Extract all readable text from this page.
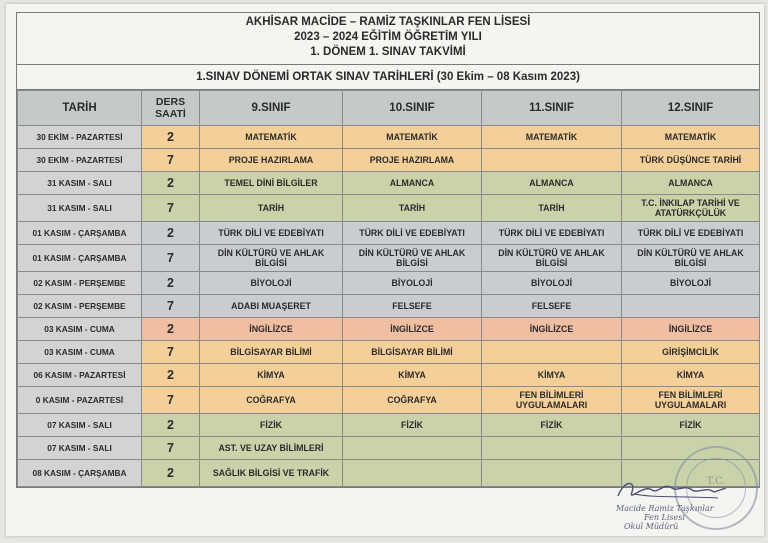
AKHİSAR MACİDE – RAMİZ TAŞKINLAR FEN LİSESİ
2023 – 2024 EĞİTİM ÖĞRETİM YILI
1. DÖNEM 1. SINAV TAKVİMİ
1.SINAV DÖNEMİ ORTAK SINAV TARİHLERİ (30 Ekim – 08 Kasım 2023)
TARİH	DERS SAATİ	9.SINIF	10.SINIF	11.SINIF	12.SINIF
30 EKİM - PAZARTESİ	2	MATEMATİK	MATEMATİK	MATEMATİK	MATEMATİK
30 EKİM - PAZARTESİ	7	PROJE HAZIRLAMA	PROJE HAZIRLAMA		TÜRK DÜŞÜNCE TARİHİ
31 KASIM - SALI	2	TEMEL DİNİ BİLGİLER	ALMANCA	ALMANCA	ALMANCA
31 KASIM - SALI	7	TARİH	TARİH	TARİH	T.C. İNKILAP TARİHİ VE ATATÜRKÇÜLÜK
01 KASIM - ÇARŞAMBA	2	TÜRK DİLİ VE EDEBİYATI	TÜRK DİLİ VE EDEBİYATI	TÜRK DİLİ VE EDEBİYATI	TÜRK DİLİ VE EDEBİYATI
01 KASIM - ÇARŞAMBA	7	DİN KÜLTÜRÜ VE AHLAK BİLGİSİ	DİN KÜLTÜRÜ VE AHLAK BİLGİSİ	DİN KÜLTÜRÜ VE AHLAK BİLGİSİ	DİN KÜLTÜRÜ VE AHLAK BİLGİSİ
02 KASIM - PERŞEMBE	2	BİYOLOJİ	BİYOLOJİ	BİYOLOJİ	BİYOLOJİ
02 KASIM - PERŞEMBE	7	ADABI MUAŞERET	FELSEFE	FELSEFE	
03 KASIM - CUMA	2	İNGİLİZCE	İNGİLİZCE	İNGİLİZCE	İNGİLİZCE
03 KASIM - CUMA	7	BİLGİSAYAR BİLİMİ	BİLGİSAYAR BİLİMİ		GİRİŞİMCİLİK
06 KASIM - PAZARTESİ	2	KİMYA	KİMYA	KİMYA	KİMYA
0 KASIM - PAZARTESİ	7	COĞRAFYA	COĞRAFYA	FEN BİLİMLERİ UYGULAMALARI	FEN BİLİMLERİ UYGULAMALARI
07 KASIM - SALI	2	FİZİK	FİZİK	FİZİK	FİZİK
07 KASIM - SALI	7	AST. VE UZAY BİLİMLERİ			
08 KASIM - ÇARŞAMBA	2	SAĞLIK BİLGİSİ VE TRAFİK			
T.C.
Macide Ramiz Taşkınlar
Fen Lisesi
Okul Müdürü
